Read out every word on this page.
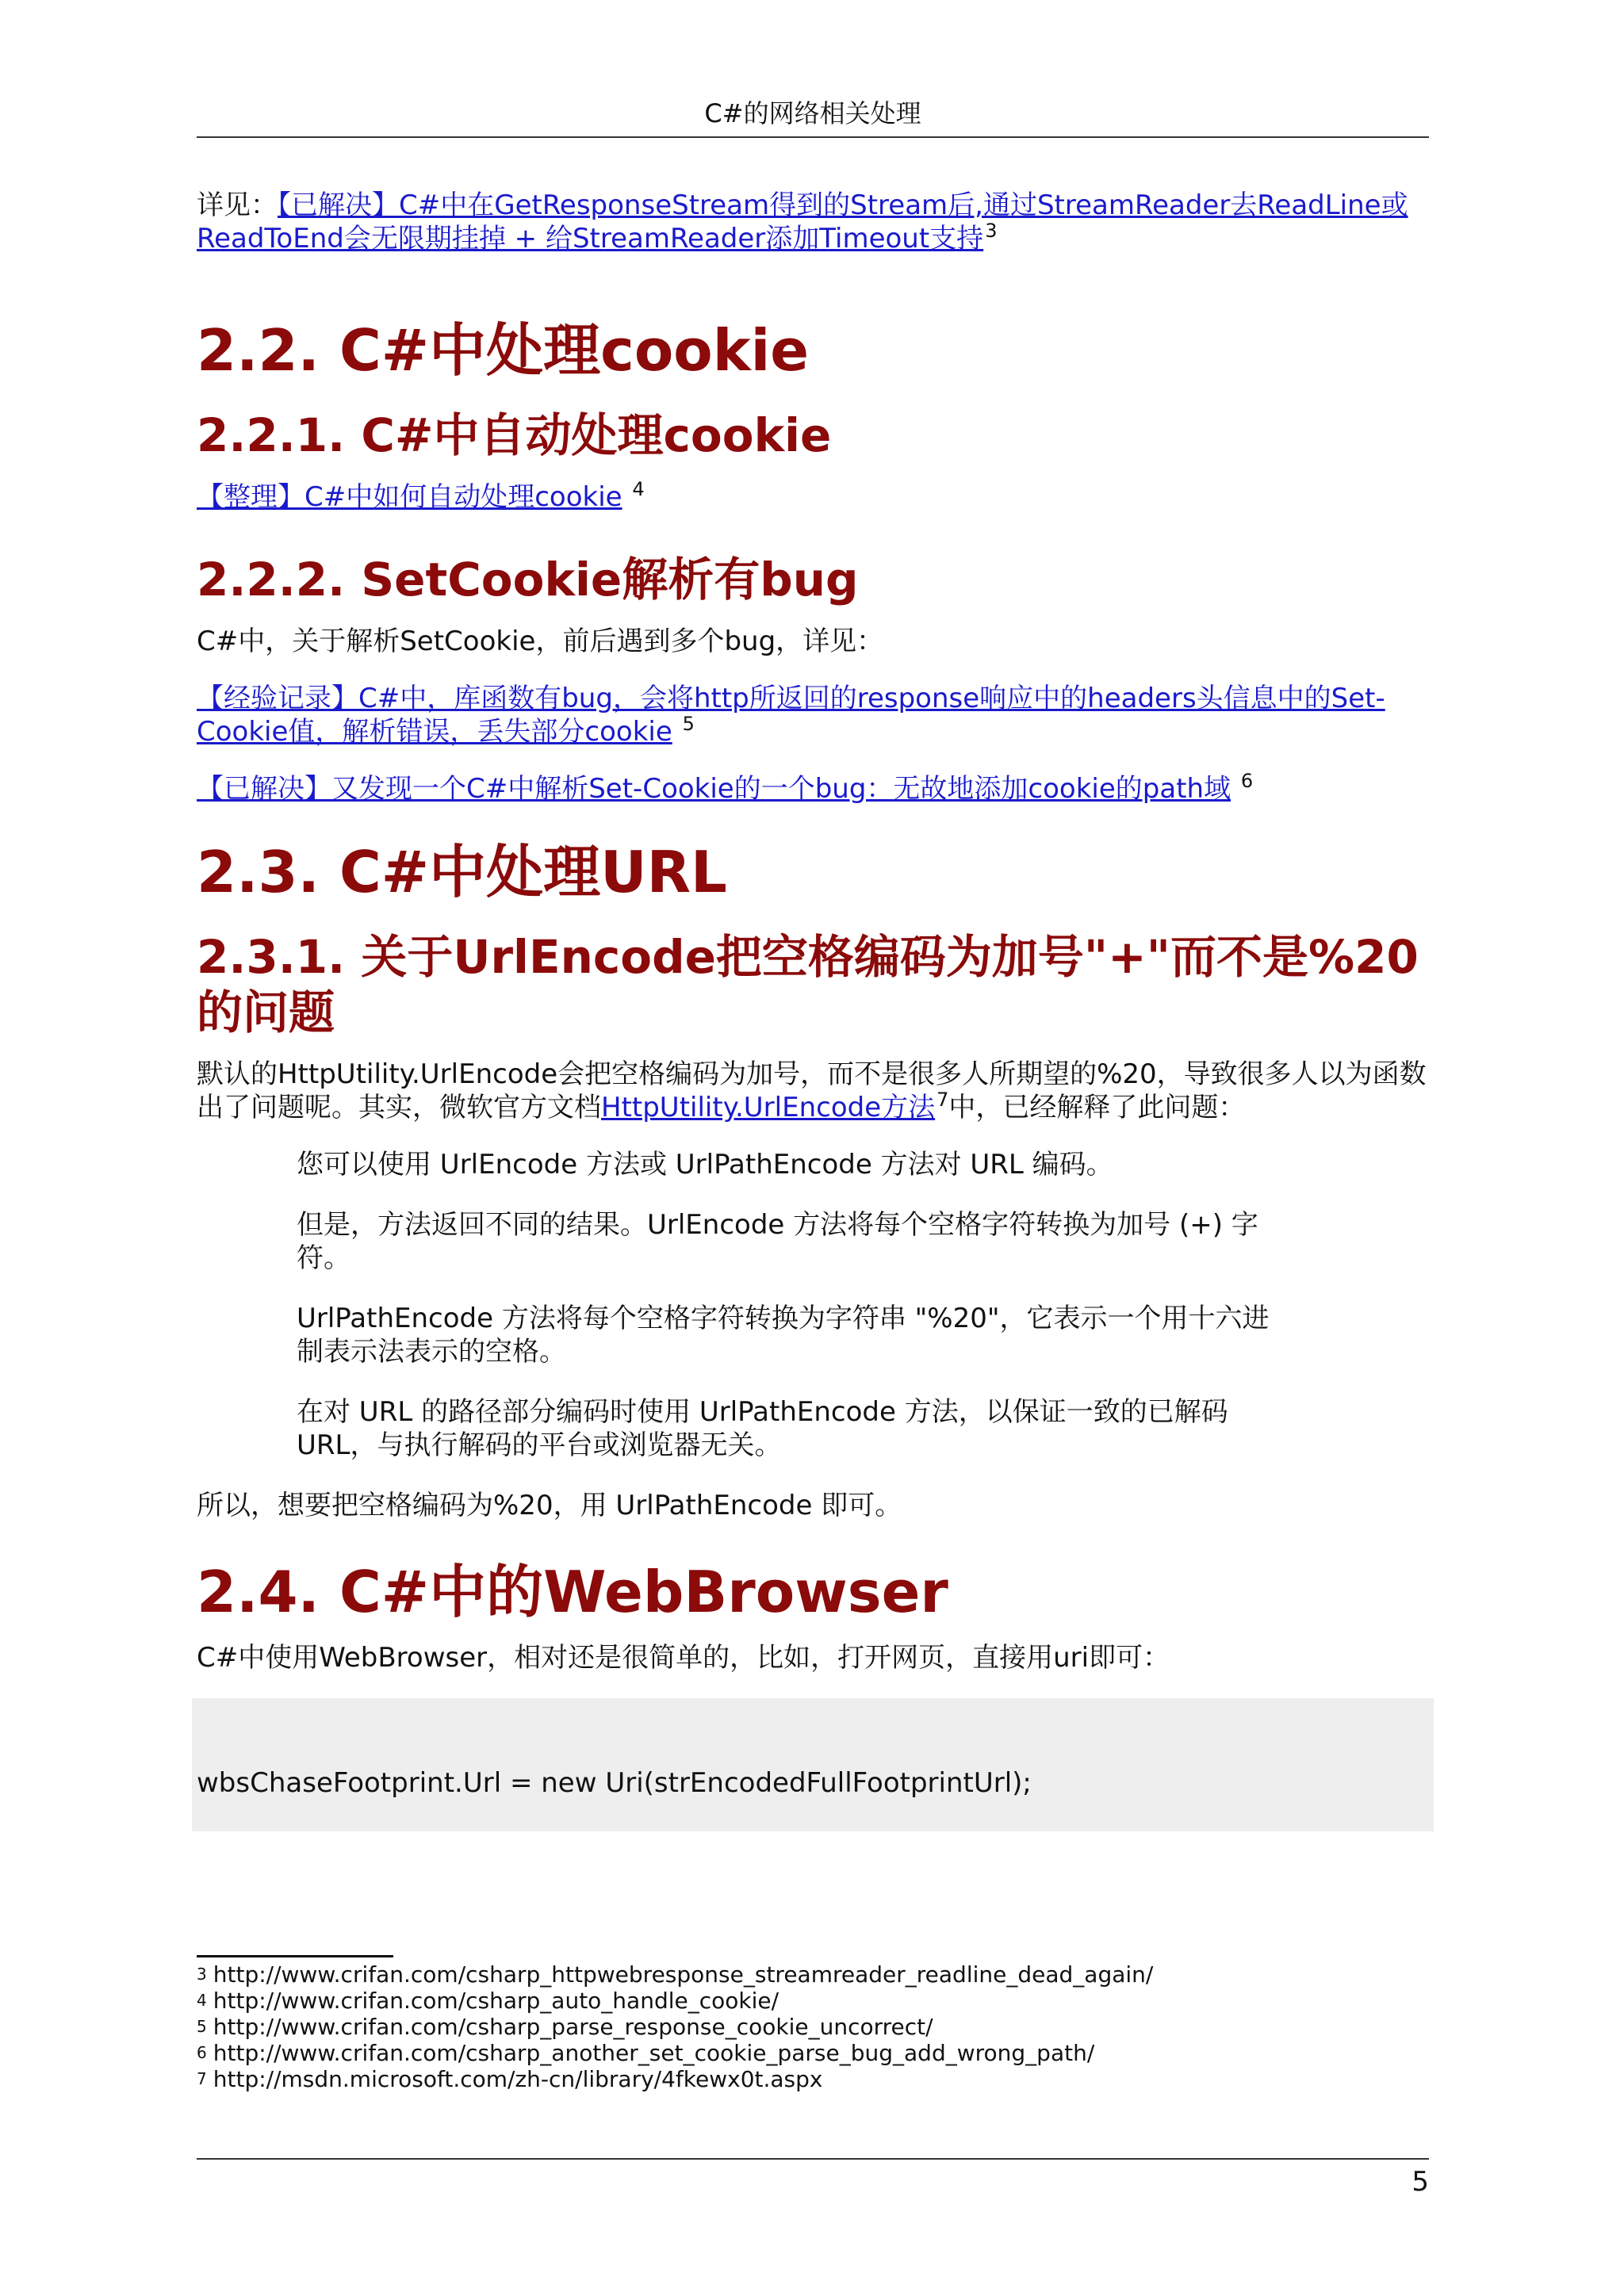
C#的网络相关处理

详见：【已解决】C#中在GetResponseStream得到的Stream后,通过StreamReader去ReadLine或ReadToEnd会无限期挂掉 + 给StreamReader添加Timeout支持$^3$

2.2. C#中处理cookie
2.2.1. C#中自动处理cookie

【整理】C#中如何自动处理cookie $^4$

2.2.2. SetCookie解析有bug

C#中，关于解析SetCookie，前后遇到多个bug，详见：

【经验记录】C#中，库函数有bug，会将http所返回的response响应中的headers头信息中的Set-Cookie值，解析错误，丢失部分cookie $^5$

【已解决】又发现一个C#中解析Set-Cookie的一个bug：无故地添加cookie的path域 $^6$

2.3. C#中处理URL
2.3.1. 关于UrlEncode把空格编码为加号"+"而不是%20的问题

默认的HttpUtility.UrlEncode会把空格编码为加号，而不是很多人所期望的%20，导致很多人以为函数出了问题呢。其实，微软官方文档HttpUtility.UrlEncode方法$^7$中，已经解释了此问题：

您可以使用 UrlEncode 方法或 UrlPathEncode 方法对 URL 编码。

但是，方法返回不同的结果。UrlEncode 方法将每个空格字符转换为加号 (+) 字符。

UrlPathEncode 方法将每个空格字符转换为字符串 "%20"，它表示一个用十六进制表示法表示的空格。

在对 URL 的路径部分编码时使用 UrlPathEncode 方法，以保证一致的已解码 URL，与执行解码的平台或浏览器无关。

所以，想要把空格编码为%20，用 UrlPathEncode 即可。

2.4. C#中的WebBrowser

C#中使用WebBrowser，相对还是很简单的，比如，打开网页，直接用uri即可：

wbsChaseFootprint.Url = new Uri(strEncodedFullFootprintUrl);
$^3$ http://www.crifan.com/csharp_httpwebresponse_streamreader_readline_dead_again/
$^4$ http://www.crifan.com/csharp_auto_handle_cookie/
$^5$ http://www.crifan.com/csharp_parse_response_cookie_uncorrect/
$^6$ http://www.crifan.com/csharp_another_set_cookie_parse_bug_add_wrong_path/
$^7$ http://msdn.microsoft.com/zh-cn/library/4fkewx0t.aspx
5
